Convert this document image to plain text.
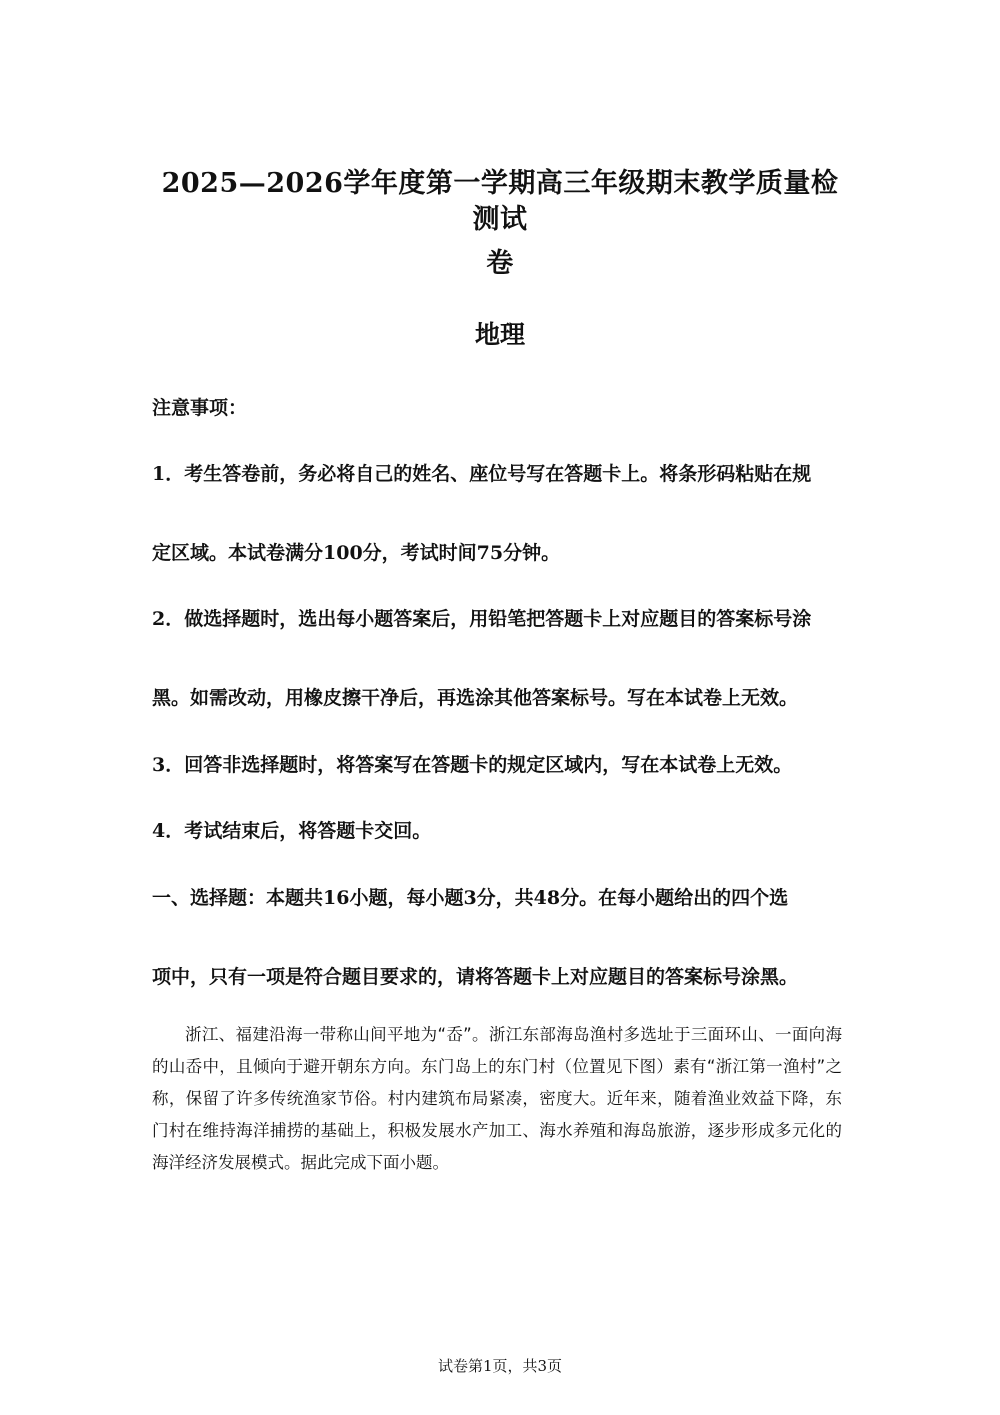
2025—2026学年度第一学期高三年级期末教学质量检测试
卷
地理
注意事项：
1．考生答卷前，务必将自己的姓名、座位号写在答题卡上。将条形码粘贴在规
定区域。本试卷满分100分，考试时间75分钟。
2．做选择题时，选出每小题答案后，用铅笔把答题卡上对应题目的答案标号涂
黑。如需改动，用橡皮擦干净后，再选涂其他答案标号。写在本试卷上无效。
3．回答非选择题时，将答案写在答题卡的规定区域内，写在本试卷上无效。
4．考试结束后，将答题卡交回。
一、选择题：本题共16小题，每小题3分，共48分。在每小题给出的四个选
项中，只有一项是符合题目要求的，请将答题卡上对应题目的答案标号涂黑。
浙江、福建沿海一带称山间平地为“岙”。浙江东部海岛渔村多选址于三面环山、一面向海的山岙中，且倾向于避开朝东方向。东门岛上的东门村（位置见下图）素有“浙江第一渔村”之称，保留了许多传统渔家节俗。村内建筑布局紧凑，密度大。近年来，随着渔业效益下降，东门村在维持海洋捕捞的基础上，积极发展水产加工、海水养殖和海岛旅游，逐步形成多元化的海洋经济发展模式。据此完成下面小题。
试卷第1页，共3页
